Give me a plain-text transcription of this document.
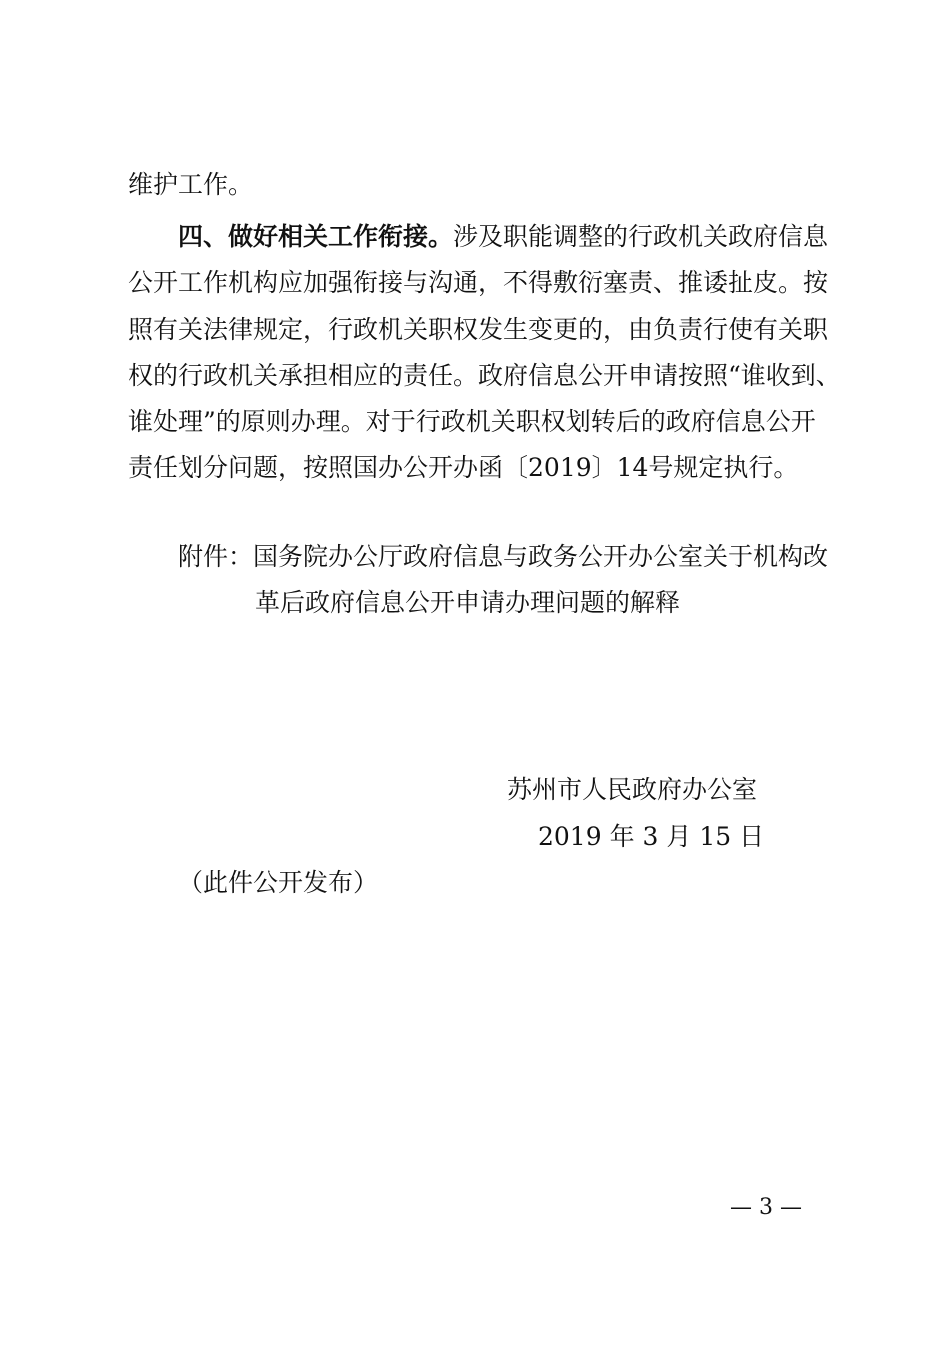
维护工作。
四、做好相关工作衔接。涉及职能调整的行政机关政府信息
公开工作机构应加强衔接与沟通，不得敷衍塞责、推诿扯皮。按
照有关法律规定，行政机关职权发生变更的，由负责行使有关职
权的行政机关承担相应的责任。政府信息公开申请按照“谁收到、
谁处理”的原则办理。对于行政机关职权划转后的政府信息公开
责任划分问题，按照国办公开办函〔2019〕14号规定执行。
附件：国务院办公厅政府信息与政务公开办公室关于机构改
革后政府信息公开申请办理问题的解释
苏州市人民政府办公室
2019 年 3 月 15 日
（此件公开发布）
— 3 —
